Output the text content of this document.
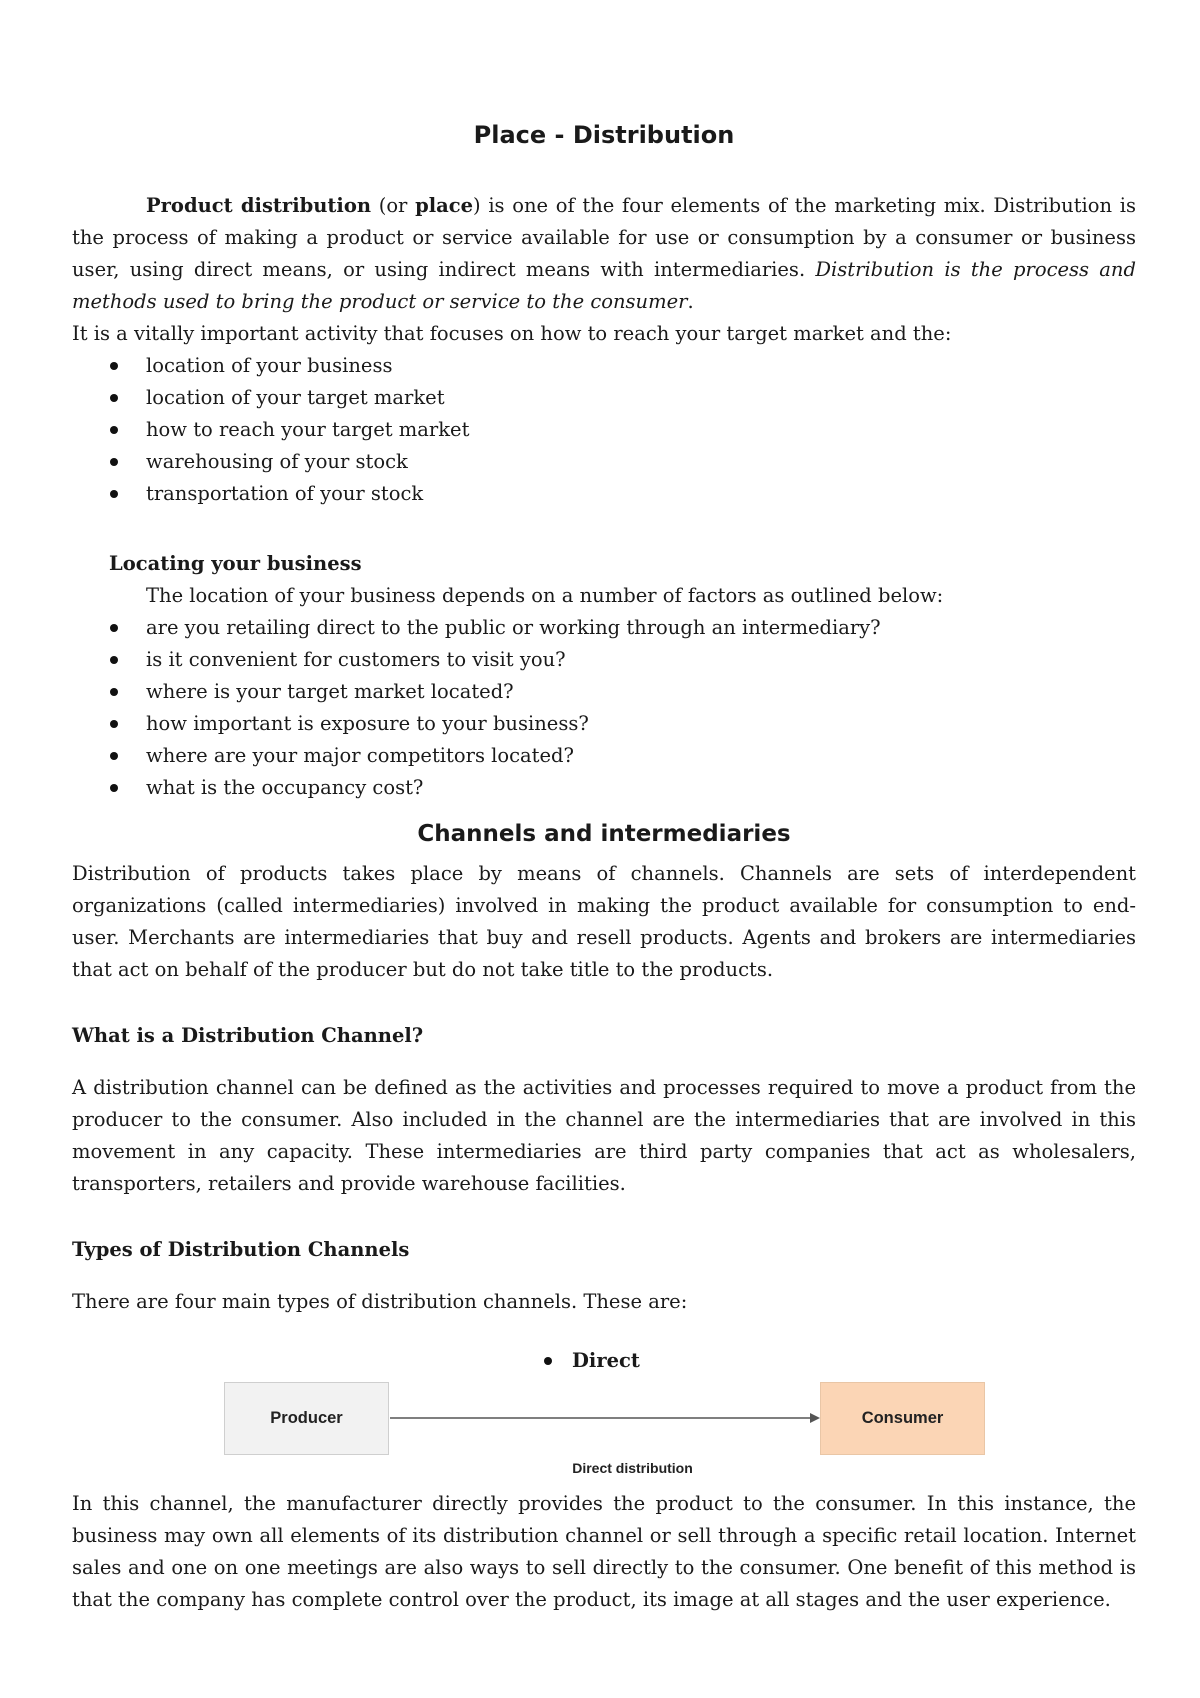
Place - Distribution

Product distribution (or place) is one of the four elements of the marketing mix. Distribution is the process of making a product or service available for use or consumption by a consumer or business user, using direct means, or using indirect means with intermediaries. Distribution is the process and methods used to bring the product or service to the consumer.

It is a vitally important activity that focuses on how to reach your target market and the:

location of your business
location of your target market
how to reach your target market
warehousing of your stock
transportation of your stock
Locating your business
The location of your business depends on a number of factors as outlined below:
are you retailing direct to the public or working through an intermediary?
is it convenient for customers to visit you?
where is your target market located?
how important is exposure to your business?
where are your major competitors located?
what is the occupancy cost?
Channels and intermediaries

Distribution of products takes place by means of channels. Channels are sets of interdependent organizations (called intermediaries) involved in making the product available for consumption to end-user. Merchants are intermediaries that buy and resell products. Agents and brokers are intermediaries that act on behalf of the producer but do not take title to the products.

What is a Distribution Channel?

A distribution channel can be defined as the activities and processes required to move a product from the producer to the consumer. Also included in the channel are the intermediaries that are involved in this movement in any capacity. These intermediaries are third party companies that act as wholesalers, transporters, retailers and provide warehouse facilities.

Types of Distribution Channels
There are four main types of distribution channels. These are:
Direct
Producer	Consumer
Direct distribution

In this channel, the manufacturer directly provides the product to the consumer. In this instance, the business may own all elements of its distribution channel or sell through a specific retail location. Internet sales and one on one meetings are also ways to sell directly to the consumer. One benefit of this method is that the company has complete control over the product, its image at all stages and the user experience.
